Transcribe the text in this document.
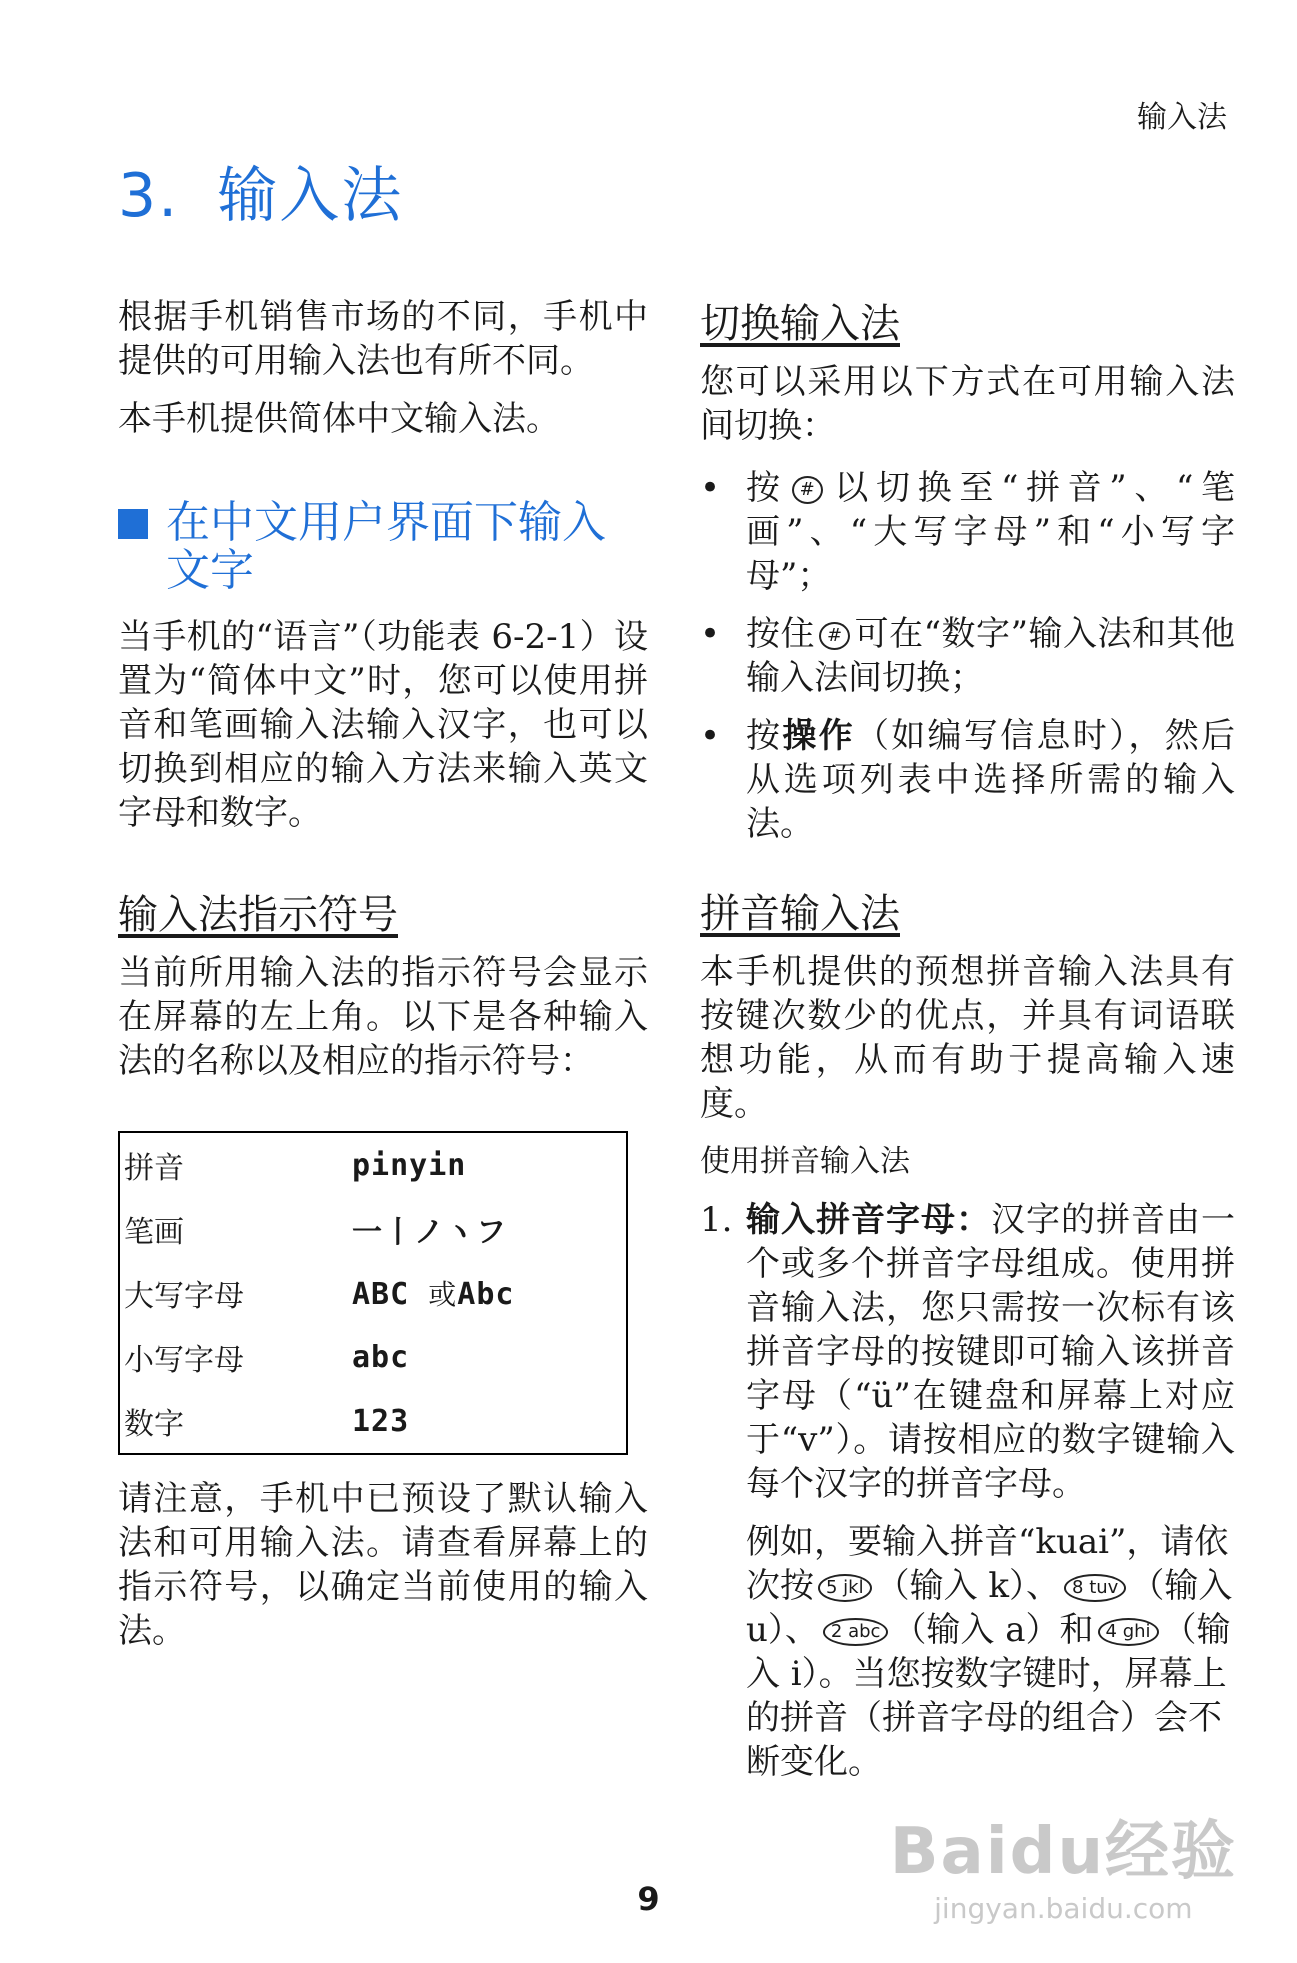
输入法
3. 输入法

根据手机销售市场的不同，手机中提供的可用输入法也有所不同。

本手机提供简体中文输入法。

在中文用户界面下输入文字

当手机的“语言”（功能表 6-2-1）设置为“简体中文”时，您可以使用拼音和笔画输入法输入汉字，也可以切换到相应的输入方法来输入英文字母和数字。

输入法指示符号

当前所用输入法的指示符号会显示在屏幕的左上角。以下是各种输入法的名称以及相应的指示符号：

拼音	pinyin
笔画	一丨ノヽフ
大写字母	ABC 或Abc
小写字母	abc
数字	123

请注意，手机中已预设了默认输入法和可用输入法。请查看屏幕上的指示符号，以确定当前使用的输入法。

切换输入法

您可以采用以下方式在可用输入法间切换：

• 按 # 以切换至“拼音”、“笔画”、“大写字母”和“小写字母”；
• 按住 # 可在“数字”输入法和其他输入法间切换；
• 按操作（如编写信息时），然后从选项列表中选择所需的输入法。
拼音输入法

本手机提供的预想拼音输入法具有按键次数少的优点，并具有词语联想功能，从而有助于提高输入速度。

使用拼音输入法
1. 输入拼音字母：汉字的拼音由一个或多个拼音字母组成。使用拼音输入法，您只需按一次标有该拼音字母的按键即可输入该拼音字母（“ü”在键盘和屏幕上对应于“v”）。请按相应的数字键输入每个汉字的拼音字母。
例如，要输入拼音“kuai”，请依次按 5 jkl （输入 k）、 8 tuv （输入 u）、 2 abc （输入 a）和 4 ghi （输入 i）。当您按数字键时，屏幕上的拼音（拼音字母的组合）会不断变化。
9
Baidu经验
jingyan.baidu.com
